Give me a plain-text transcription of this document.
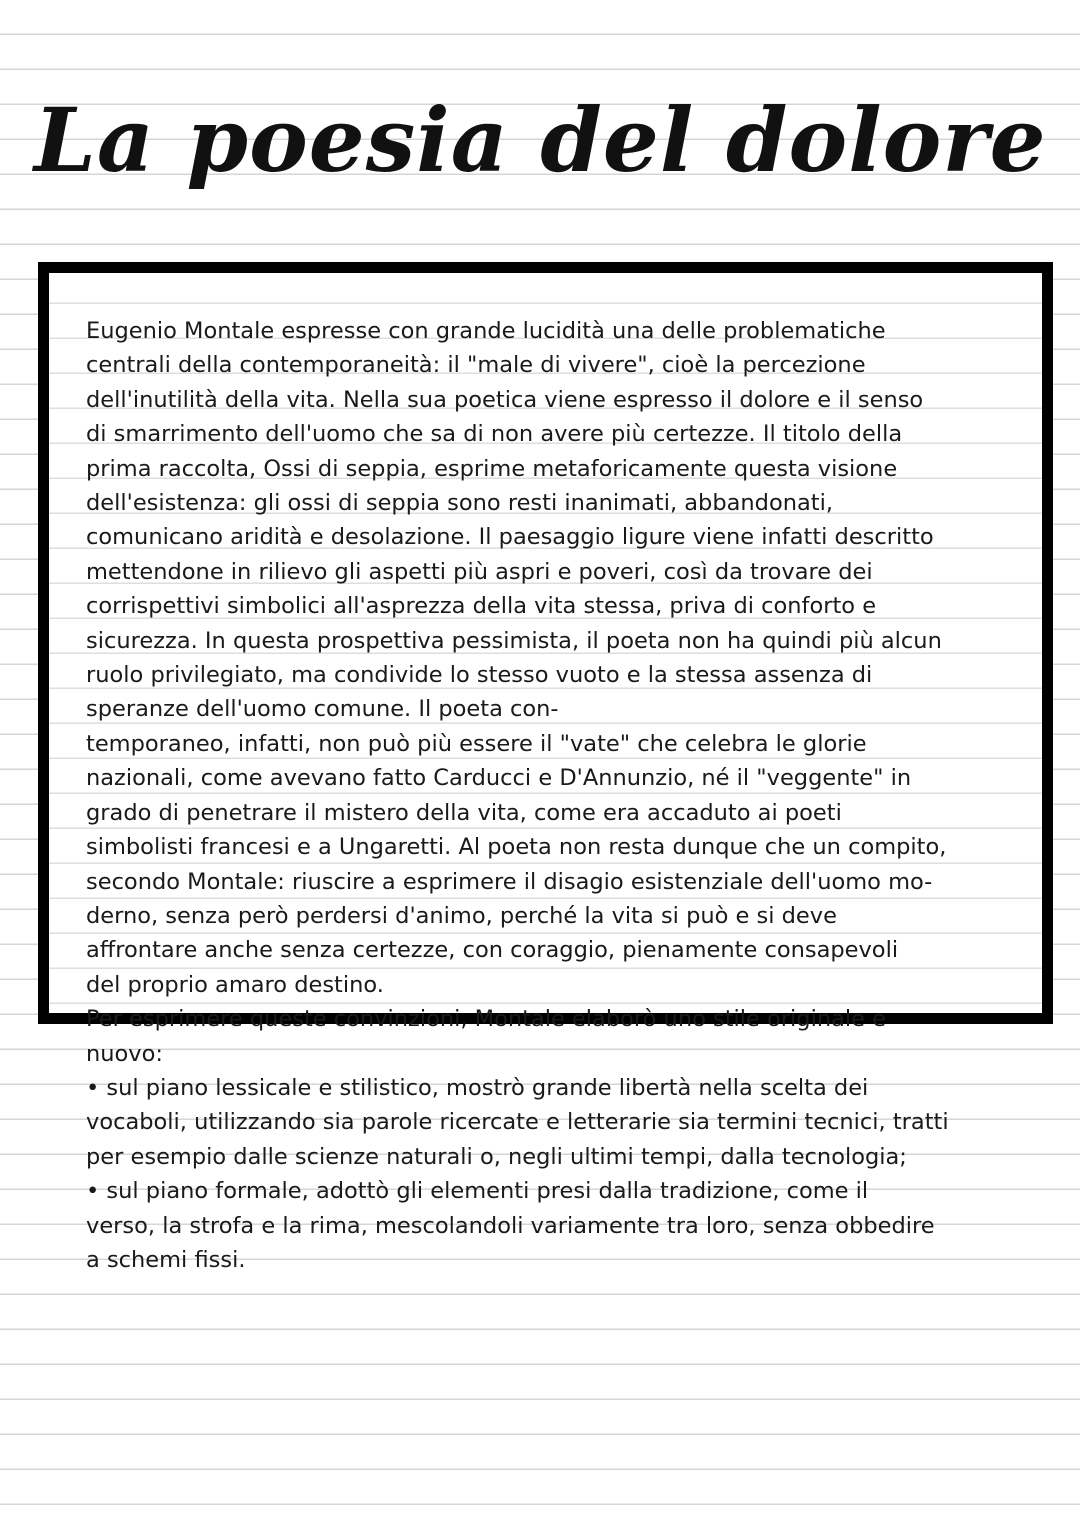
La poesia del dolore
Eugenio Montale espresse con grande lucidità una delle problematiche
centrali della contemporaneità: il "male di vivere", cioè la percezione
dell'inutilità della vita. Nella sua poetica viene espresso il dolore e il senso
di smarrimento dell'uomo che sa di non avere più certezze. Il titolo della
prima raccolta, Ossi di seppia, esprime metaforicamente questa visione
dell'esistenza: gli ossi di seppia sono resti inanimati, abbandonati,
comunicano aridità e desolazione. Il paesaggio ligure viene infatti descritto
mettendone in rilievo gli aspetti più aspri e poveri, così da trovare dei
corrispettivi simbolici all'asprezza della vita stessa, priva di conforto e
sicurezza. In questa prospettiva pessimista, il poeta non ha quindi più alcun
ruolo privilegiato, ma condivide lo stesso vuoto e la stessa assenza di
speranze dell'uomo comune. Il poeta con-
temporaneo, infatti, non può più essere il "vate" che celebra le glorie
nazionali, come avevano fatto Carducci e D'Annunzio, né il "veggente" in
grado di penetrare il mistero della vita, come era accaduto ai poeti
simbolisti francesi e a Ungaretti. Al poeta non resta dunque che un compito,
secondo Montale: riuscire a esprimere il disagio esistenziale dell'uomo mo-
derno, senza però perdersi d'animo, perché la vita si può e si deve
affrontare anche senza certezze, con coraggio, pienamente consapevoli
del proprio amaro destino.
Per esprimere queste convinzioni, Montale elaborò uno stile originale e
nuovo:
• sul piano lessicale e stilistico, mostrò grande libertà nella scelta dei
vocaboli, utilizzando sia parole ricercate e letterarie sia termini tecnici, tratti
per esempio dalle scienze naturali o, negli ultimi tempi, dalla tecnologia;
• sul piano formale, adottò gli elementi presi dalla tradizione, come il
verso, la strofa e la rima, mescolandoli variamente tra loro, senza obbedire
a schemi fissi.
